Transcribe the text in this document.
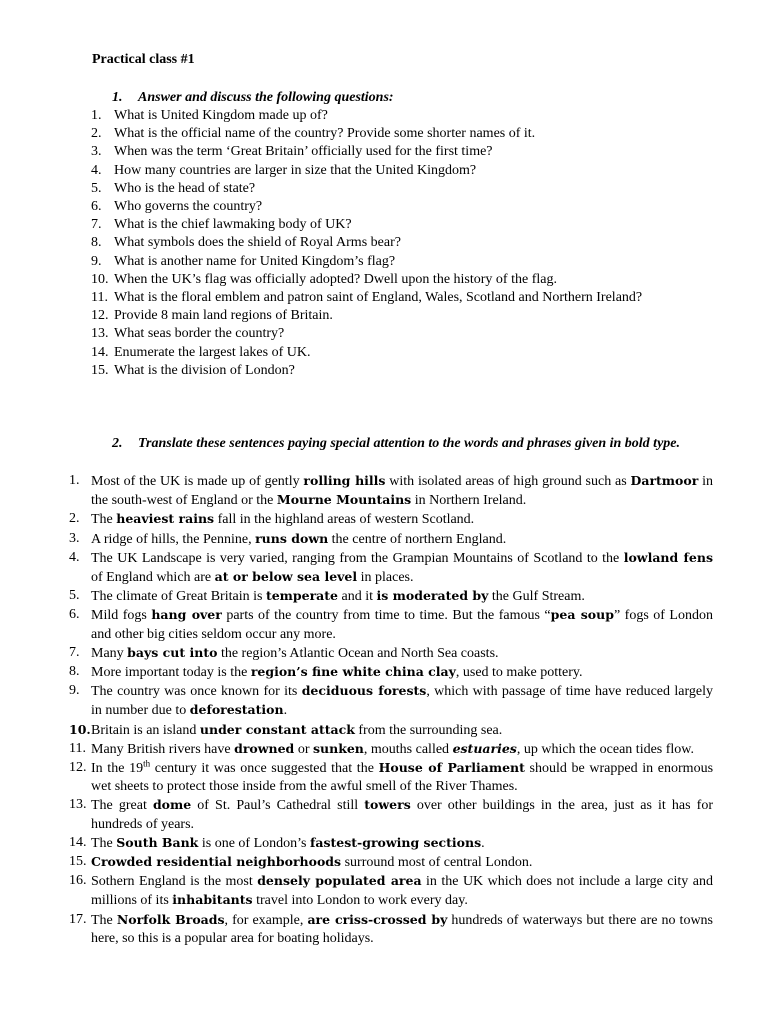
Practical class #1

1.	Answer and discuss the following questions:

1. What is United Kingdom made up of?
2. What is the official name of the country? Provide some shorter names of it.
3. When was the term ‘Great Britain’ officially used for the first time?
4. How many countries are larger in size that the United Kingdom?
5. Who is the head of state?
6. Who governs the country?
7. What is the chief lawmaking body of UK?
8. What symbols does the shield of Royal Arms bear?
9. What is another name for United Kingdom’s flag?
10. When the UK’s flag was officially adopted? Dwell upon the history of the flag.
11. What is the floral emblem and patron saint of England, Wales, Scotland and Northern Ireland?
12. Provide 8 main land regions of Britain.
13. What seas border the country?
14. Enumerate the largest lakes of UK.
15. What is the division of London?

2.	Translate these sentences paying special attention to the words and phrases given in bold type.

1. Most of the UK is made up of gently rolling hills with isolated areas of high ground such as Dartmoor in the south-west of England or the Mourne Mountains in Northern Ireland.
2. The heaviest rains fall in the highland areas of western Scotland.
3. A ridge of hills, the Pennine, runs down the centre of northern England.
4. The UK Landscape is very varied, ranging from the Grampian Mountains of Scotland to the lowland fens of England which are at or below sea level in places.
5. The climate of Great Britain is temperate and it is moderated by the Gulf Stream.
6. Mild fogs hang over parts of the country from time to time. But the famous “pea soup” fogs of London and other big cities seldom occur any more.
7. Many bays cut into the region’s Atlantic Ocean and North Sea coasts.
8. More important today is the region’s fine white china clay, used to make pottery.
9. The country was once known for its deciduous forests, which with passage of time have reduced largely in number due to deforestation.
10. Britain is an island under constant attack from the surrounding sea.
11. Many British rivers have drowned or sunken, mouths called estuaries, up which the ocean tides flow.
12. In the 19th century it was once suggested that the House of Parliament should be wrapped in enormous wet sheets to protect those inside from the awful smell of the River Thames.
13. The great dome of St. Paul’s Cathedral still towers over other buildings in the area, just as it has for hundreds of years.
14. The South Bank is one of London’s fastest-growing sections.
15. Crowded residential neighborhoods surround most of central London.
16. Sothern England is the most densely populated area in the UK which does not include a large city and millions of its inhabitants travel into London to work every day.
17. The Norfolk Broads, for example, are criss-crossed by hundreds of waterways but there are no towns here, so this is a popular area for boating holidays.
